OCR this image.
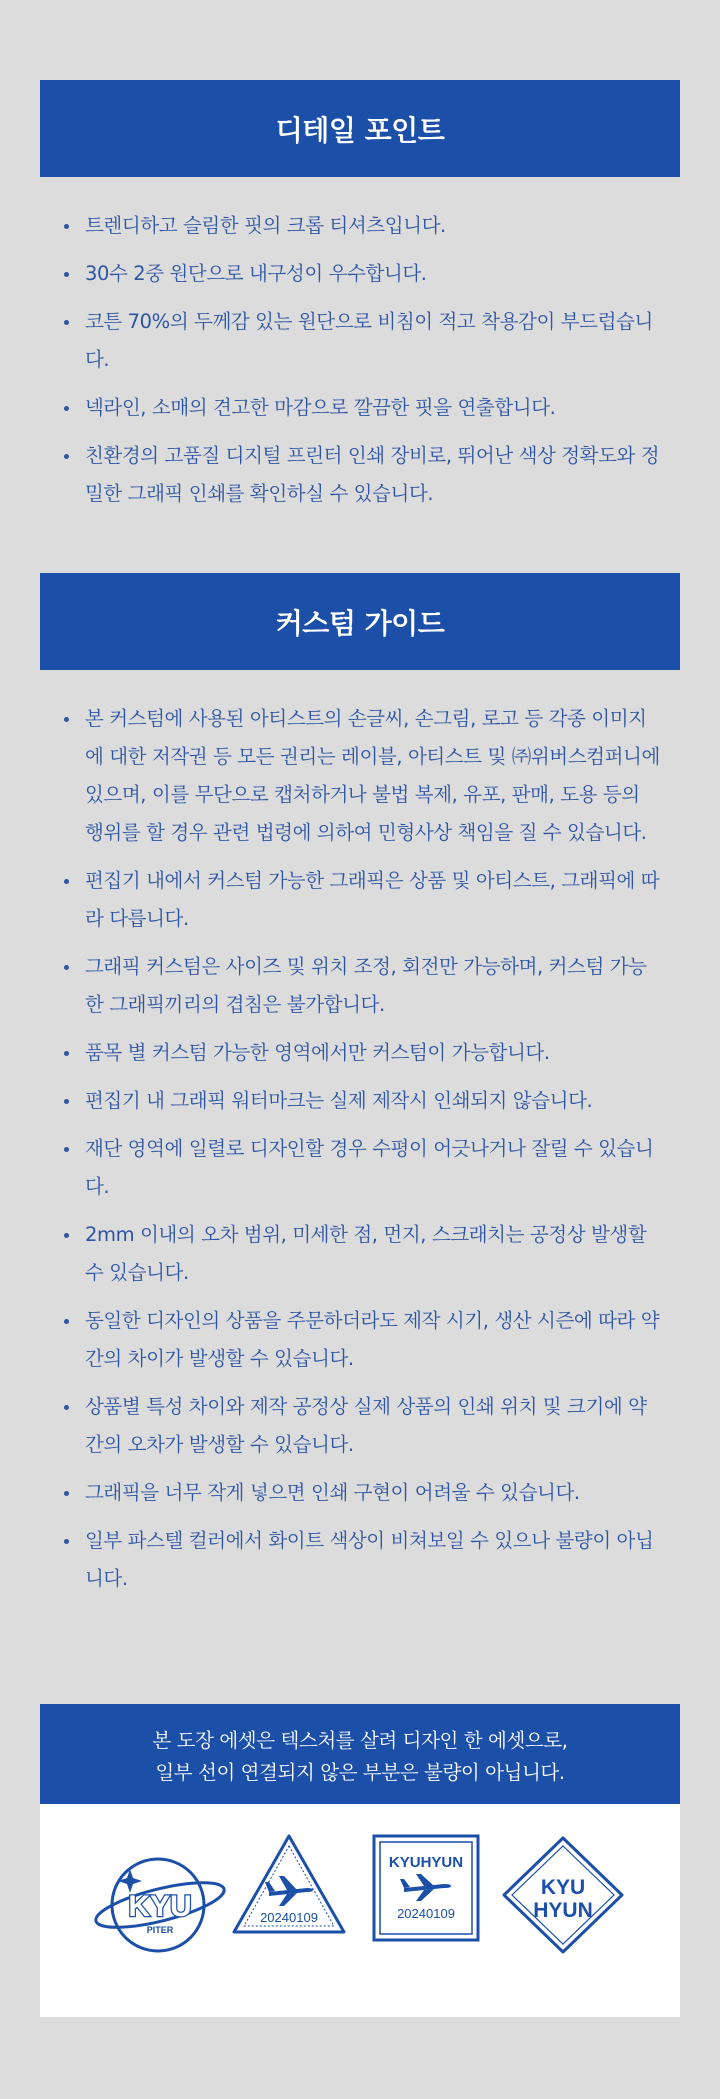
디테일 포인트
트렌디하고 슬림한 핏의 크롭 티셔츠입니다.
30수 2중 원단으로 내구성이 우수합니다.
코튼 70%의 두께감 있는 원단으로 비침이 적고 착용감이 부드럽습니다.
넥라인, 소매의 견고한 마감으로 깔끔한 핏을 연출합니다.
친환경의 고품질 디지털 프린터 인쇄 장비로, 뛰어난 색상 정확도와 정밀한 그래픽 인쇄를 확인하실 수 있습니다.
커스텀 가이드
본 커스텀에 사용된 아티스트의 손글씨, 손그림, 로고 등 각종 이미지에 대한 저작권 등 모든 권리는 레이블, 아티스트 및 ㈜위버스컴퍼니에 있으며, 이를 무단으로 캡처하거나 불법 복제, 유포, 판매, 도용 등의 행위를 할 경우 관련 법령에 의하여 민형사상 책임을 질 수 있습니다.
편집기 내에서 커스텀 가능한 그래픽은 상품 및 아티스트, 그래픽에 따라 다릅니다.
그래픽 커스텀은 사이즈 및 위치 조정, 회전만 가능하며, 커스텀 가능한 그래픽끼리의 겹침은 불가합니다.
품목 별 커스텀 가능한 영역에서만 커스텀이 가능합니다.
편집기 내 그래픽 워터마크는 실제 제작시 인쇄되지 않습니다.
재단 영역에 일렬로 디자인할 경우 수평이 어긋나거나 잘릴 수 있습니다.
2mm 이내의 오차 범위, 미세한 점, 먼지, 스크래치는 공정상 발생할 수 있습니다.
동일한 디자인의 상품을 주문하더라도 제작 시기, 생산 시즌에 따라 약간의 차이가 발생할 수 있습니다.
상품별 특성 차이와 제작 공정상 실제 상품의 인쇄 위치 및 크기에 약간의 오차가 발생할 수 있습니다.
그래픽을 너무 작게 넣으면 인쇄 구현이 어려울 수 있습니다.
일부 파스텔 컬러에서 화이트 색상이 비쳐보일 수 있으나 불량이 아닙니다.
본 도장 에셋은 텍스처를 살려 디자인 한 에셋으로,
일부 선이 연결되지 않은 부분은 불량이 아닙니다.
KYU
PITER
20240109
KYUHYUN
20240109
KYU
HYUN
